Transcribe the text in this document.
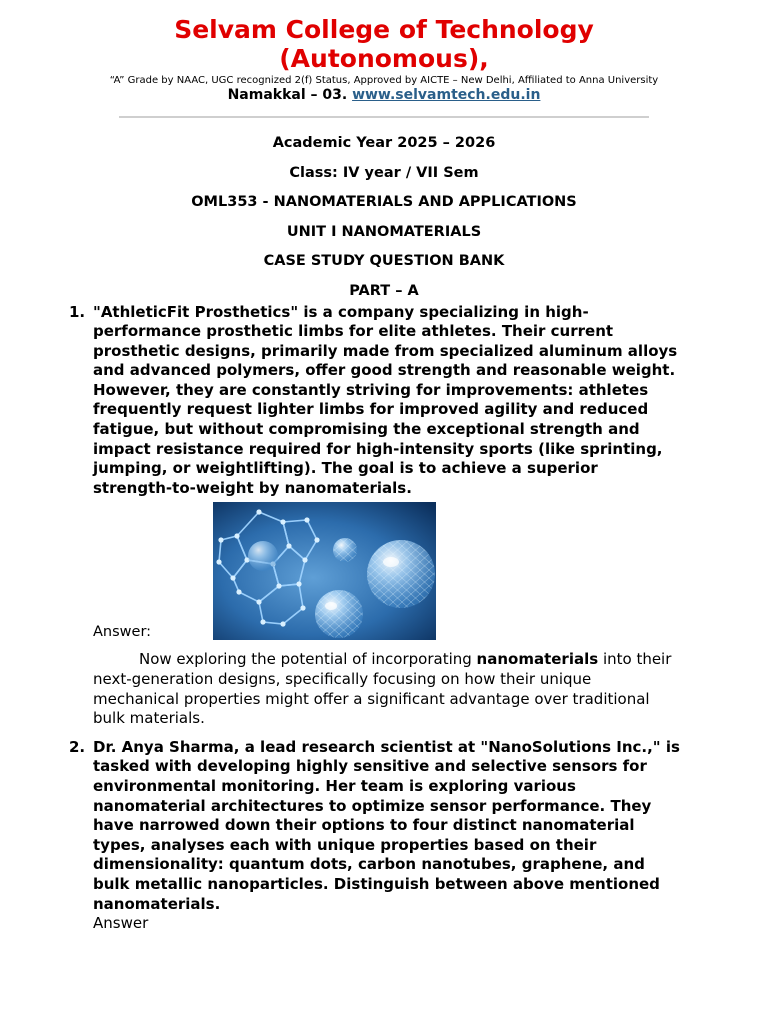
Selvam College of Technology (Autonomous),
“A” Grade by NAAC, UGC recognized 2(f) Status, Approved by AICTE – New Delhi, Affiliated to Anna University
Namakkal – 03. www.selvamtech.edu.in
Academic Year 2025 – 2026
Class: IV year / VII Sem
OML353 - NANOMATERIALS AND APPLICATIONS
UNIT I NANOMATERIALS
CASE STUDY QUESTION BANK
PART – A
1. "AthleticFit Prosthetics" is a company specializing in high-performance prosthetic limbs for elite athletes. Their current prosthetic designs, primarily made from specialized aluminum alloys and advanced polymers, offer good strength and reasonable weight. However, they are constantly striving for improvements: athletes frequently request lighter limbs for improved agility and reduced fatigue, but without compromising the exceptional strength and impact resistance required for high-intensity sports (like sprinting, jumping, or weightlifting). The goal is to achieve a superior strength-to-weight by nanomaterials.
Answer:
Now exploring the potential of incorporating nanomaterials into their next-generation designs, specifically focusing on how their unique mechanical properties might offer a significant advantage over traditional bulk materials.
2. Dr. Anya Sharma, a lead research scientist at "NanoSolutions Inc.," is tasked with developing highly sensitive and selective sensors for environmental monitoring. Her team is exploring various nanomaterial architectures to optimize sensor performance. They have narrowed down their options to four distinct nanomaterial types, analyses each with unique properties based on their dimensionality: quantum dots, carbon nanotubes, graphene, and bulk metallic nanoparticles. Distinguish between above mentioned nanomaterials.
Answer
